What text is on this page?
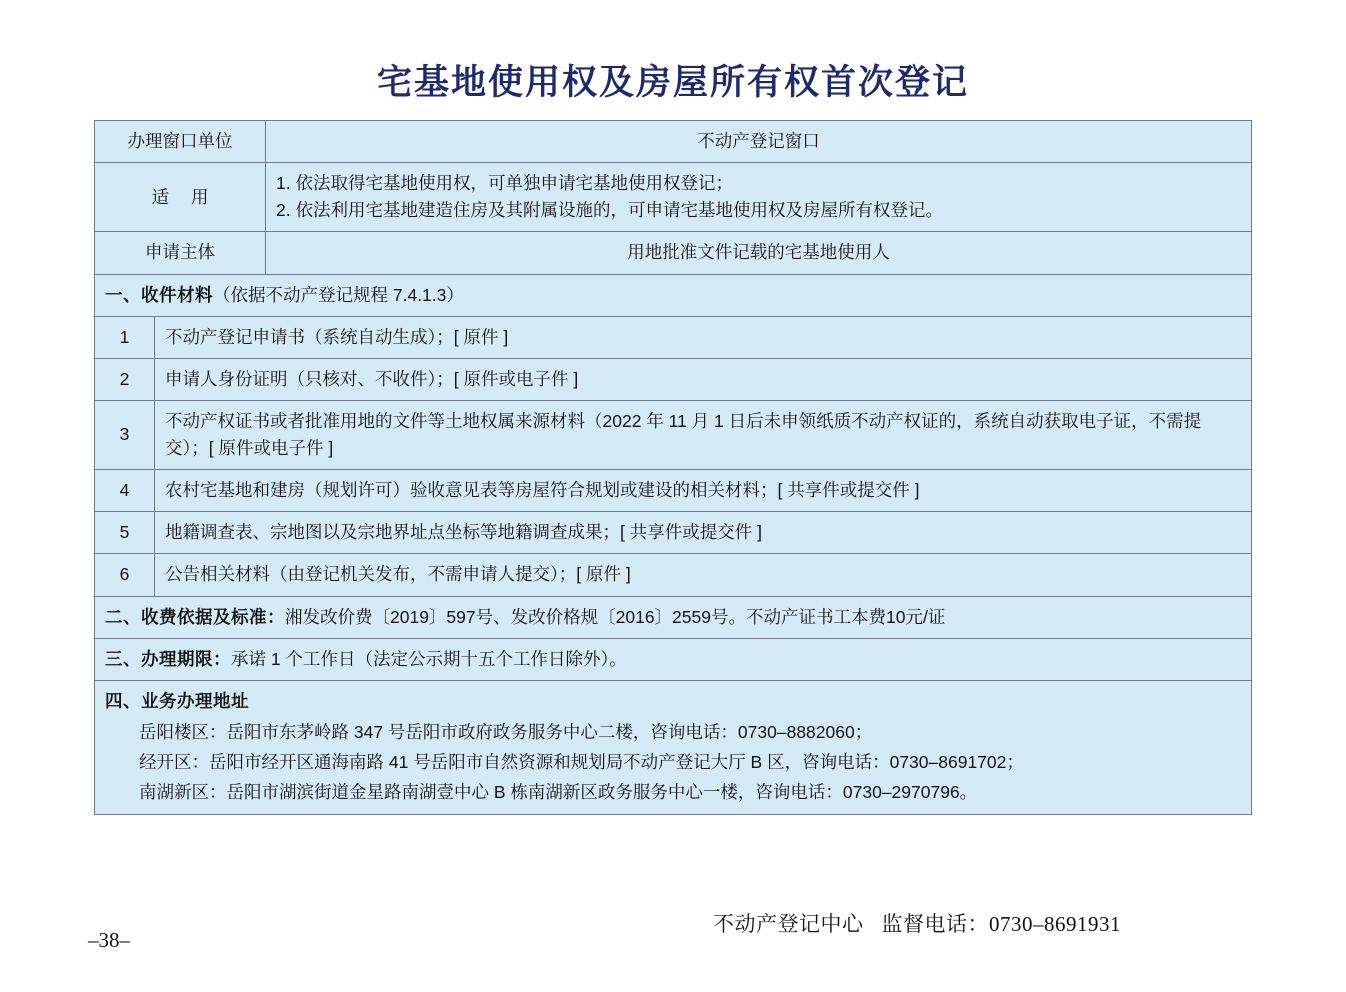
宅基地使用权及房屋所有权首次登记
办理窗口单位		不动产登记窗口
适 用		1. 依法取得宅基地使用权，可单独申请宅基地使用权登记；
2. 依法利用宅基地建造住房及其附属设施的，可申请宅基地使用权及房屋所有权登记。

申请主体		用地批准文件记载的宅基地使用人
一、收件材料（依据不动产登记规程 7.4.1.3）		
1	不动产登记申请书（系统自动生成）；[ 原件 ]	
2	申请人身份证明（只核对、不收件）；[ 原件或电子件 ]	
3	不动产权证书或者批准用地的文件等土地权属来源材料（2022 年 11 月 1 日后未申领纸质不动产权证的，系统自动获取电子证，不需提交）；[ 原件或电子件 ]	
4	农村宅基地和建房（规划许可）验收意见表等房屋符合规划或建设的相关材料；[ 共享件或提交件 ]	
5	地籍调查表、宗地图以及宗地界址点坐标等地籍调查成果；[ 共享件或提交件 ]	
6	公告相关材料（由登记机关发布，不需申请人提交）；[ 原件 ]	
二、收费依据及标准：湘发改价费〔2019〕597号、发改价格规〔2016〕2559号。不动产证书工本费10元/证		
三、办理期限：承诺 1 个工作日（法定公示期十五个工作日除外）。		

四、业务办理地址
岳阳楼区：岳阳市东茅岭路 347 号岳阳市政府政务服务中心二楼，咨询电话：0730–8882060；
经开区：岳阳市经开区通海南路 41 号岳阳市自然资源和规划局不动产登记大厅 B 区，咨询电话：0730–8691702；
南湖新区：岳阳市湖滨街道金星路南湖壹中心 B 栋南湖新区政务服务中心一楼，咨询电话：0730–2970796。		
不动产登记中心 监督电话：0730–8691931
–38–
